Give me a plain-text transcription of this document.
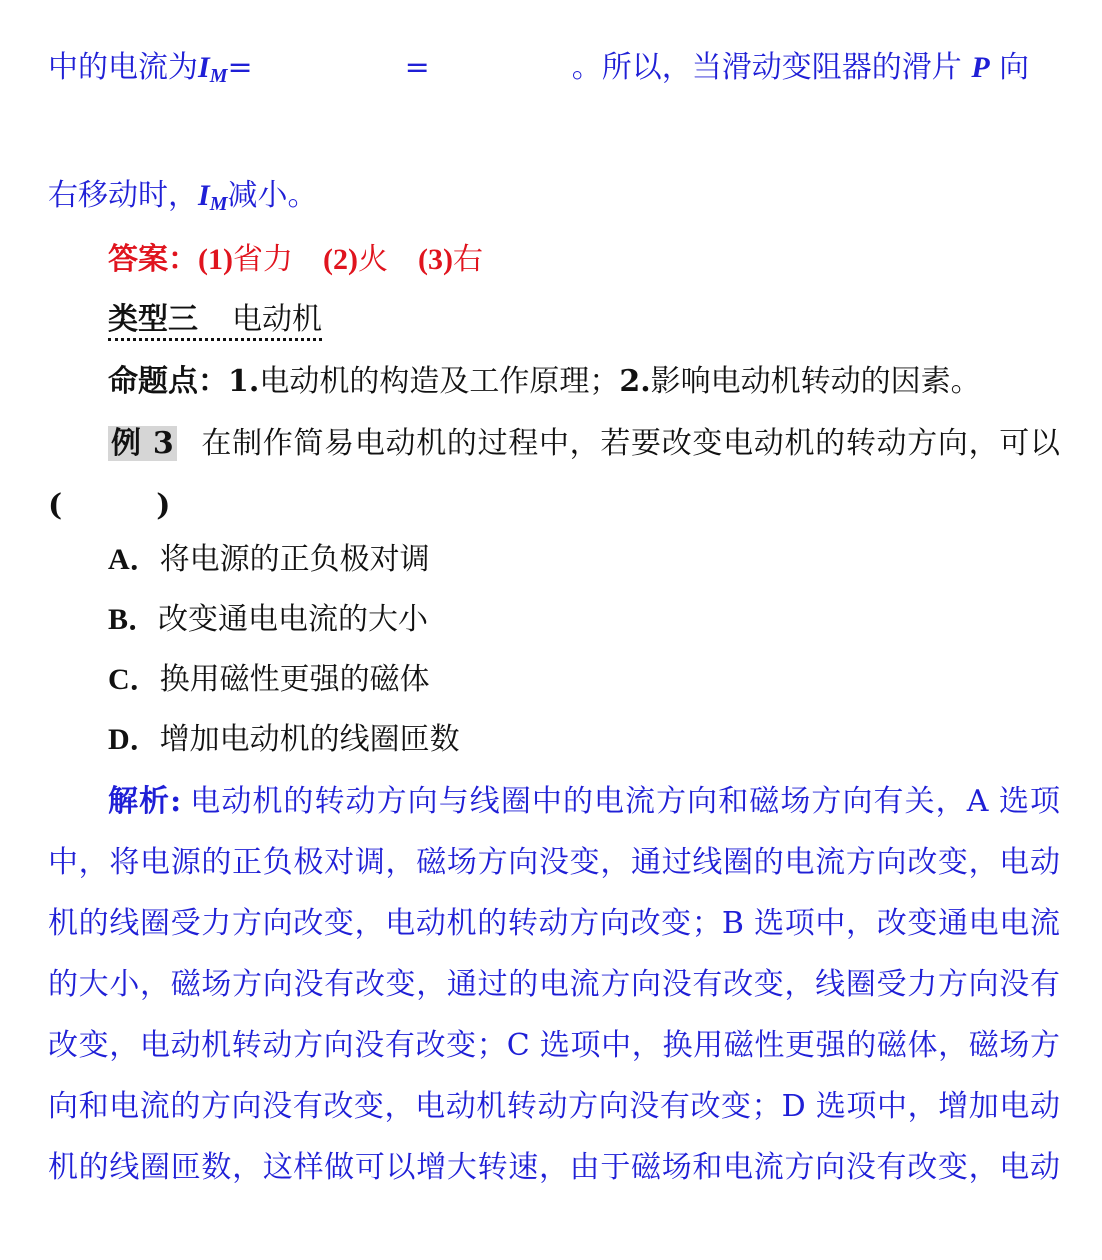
中的电流为$I_M=$	=	。所以，当滑动变阻器的滑片 P 向
右移动时，$I_M$减小。
答案：(1)省力 (2)火 (3)右
类型三 电动机
命题点：1.电动机的构造及工作原理；2.影响电动机转动的因素。
例 3 在制作简易电动机的过程中，若要改变电动机的转动方向，可以
(	)
A．将电源的正负极对调
B．改变通电电流的大小
C．换用磁性更强的磁体
D．增加电动机的线圈匝数
解析: 电动机的转动方向与线圈中的电流方向和磁场方向有关，A 选项
中，将电源的正负极对调，磁场方向没变，通过线圈的电流方向改变，电动
机的线圈受力方向改变，电动机的转动方向改变；B 选项中，改变通电电流
的大小，磁场方向没有改变，通过的电流方向没有改变，线圈受力方向没有
改变，电动机转动方向没有改变；C 选项中，换用磁性更强的磁体，磁场方
向和电流的方向没有改变，电动机转动方向没有改变；D 选项中，增加电动
机的线圈匝数，这样做可以增大转速，由于磁场和电流方向没有改变，电动
